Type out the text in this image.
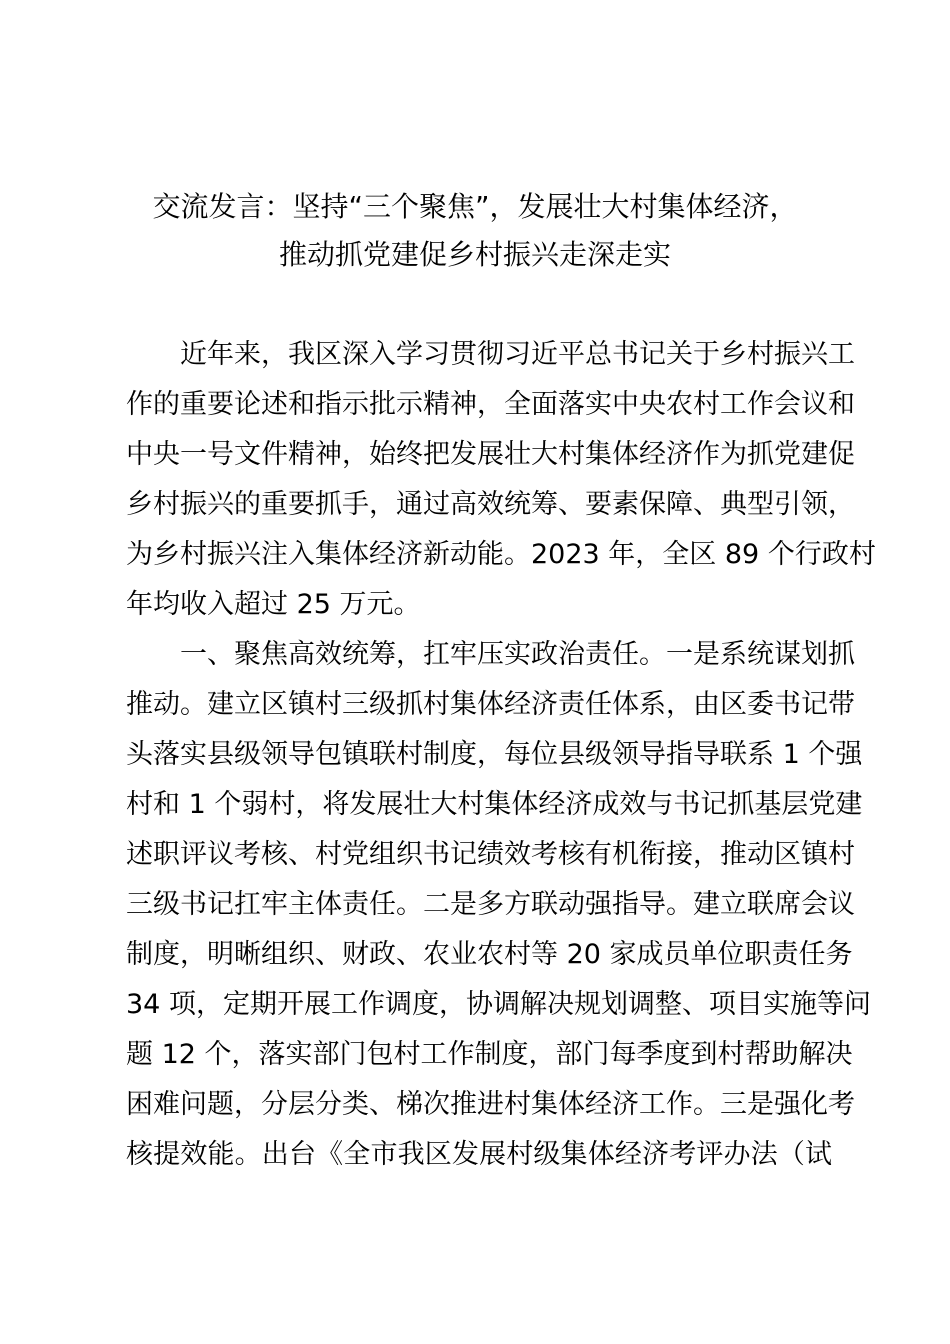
交流发言：坚持“三个聚焦”，发展壮大村集体经济，
推动抓党建促乡村振兴走深走实
近年来，我区深入学习贯彻习近平总书记关于乡村振兴工
作的重要论述和指示批示精神，全面落实中央农村工作会议和
中央一号文件精神，始终把发展壮大村集体经济作为抓党建促
乡村振兴的重要抓手，通过高效统筹、要素保障、典型引领，
为乡村振兴注入集体经济新动能。2023 年，全区 89 个行政村
年均收入超过 25 万元。
一、聚焦高效统筹，扛牢压实政治责任。一是系统谋划抓
推动。建立区镇村三级抓村集体经济责任体系，由区委书记带
头落实县级领导包镇联村制度，每位县级领导指导联系 1 个强
村和 1 个弱村，将发展壮大村集体经济成效与书记抓基层党建
述职评议考核、村党组织书记绩效考核有机衔接，推动区镇村
三级书记扛牢主体责任。二是多方联动强指导。建立联席会议
制度，明晰组织、财政、农业农村等 20 家成员单位职责任务
34 项，定期开展工作调度，协调解决规划调整、项目实施等问
题 12 个，落实部门包村工作制度，部门每季度到村帮助解决
困难问题，分层分类、梯次推进村集体经济工作。三是强化考
核提效能。出台《全市我区发展村级集体经济考评办法（试
